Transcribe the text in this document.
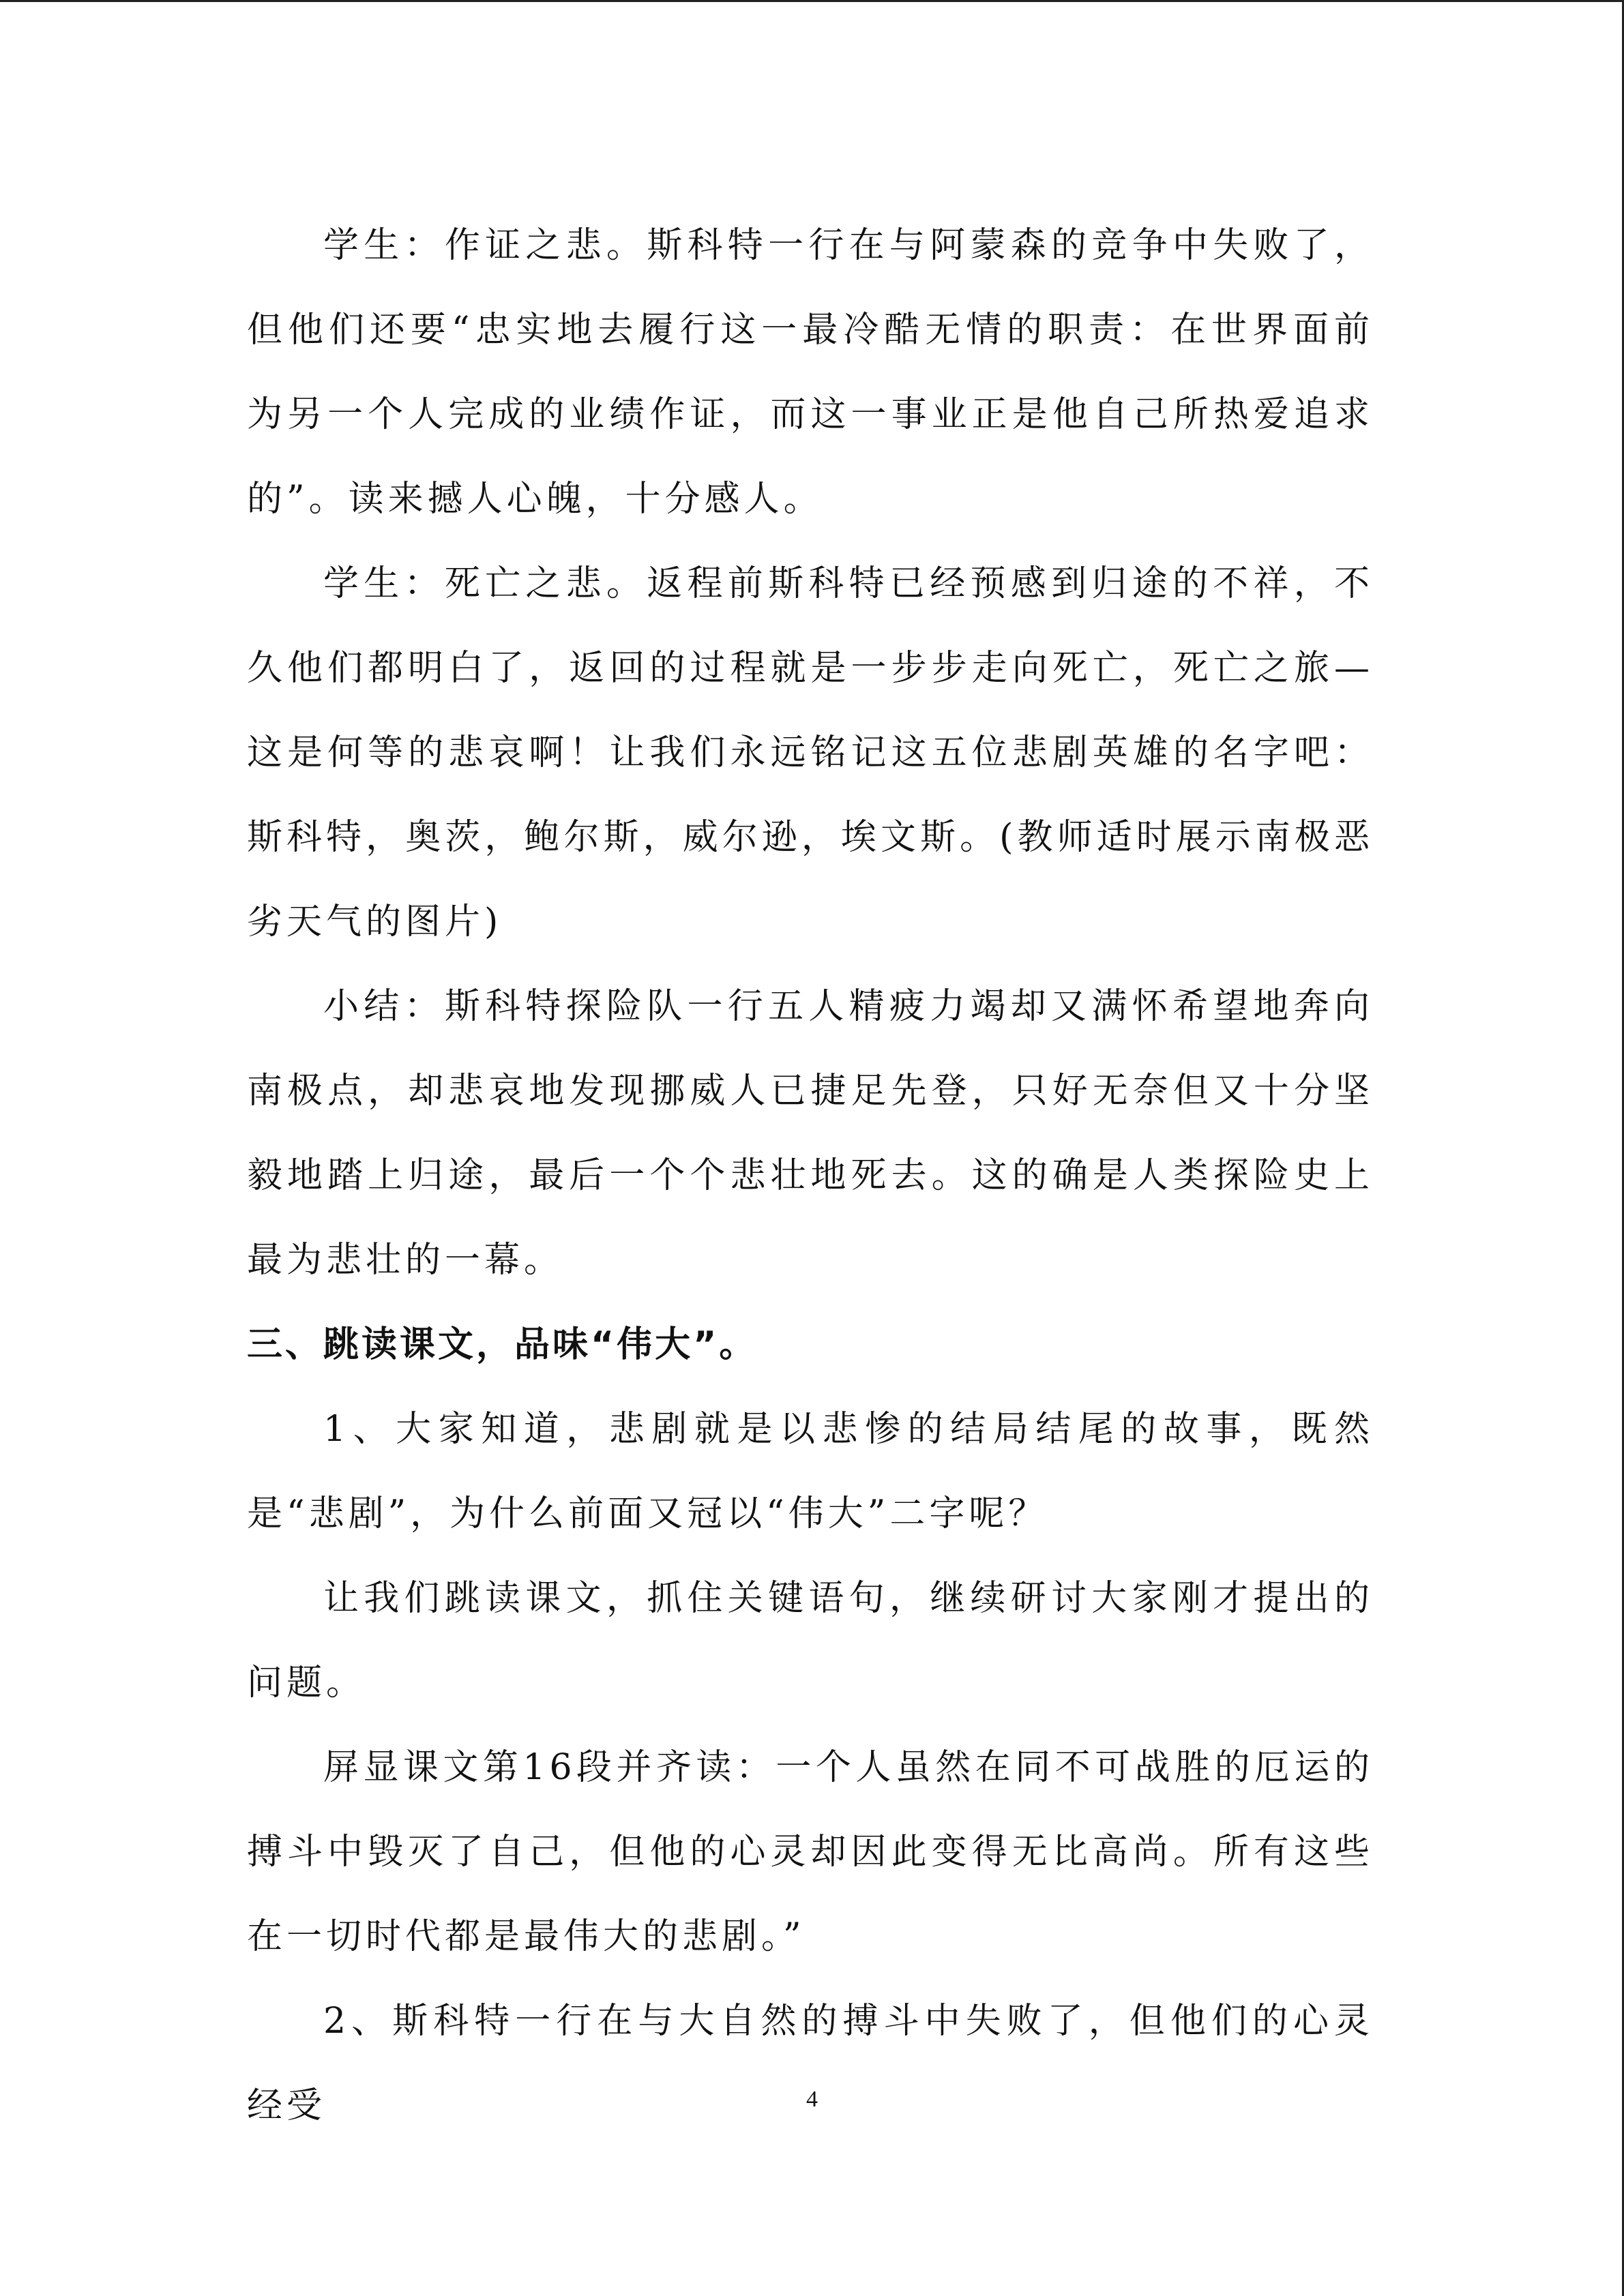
学生：作证之悲。斯科特一行在与阿蒙森的竞争中失败了，但他们还要“忠实地去履行这一最冷酷无情的职责：在世界面前为另一个人完成的业绩作证，而这一事业正是他自己所热爱追求的”。读来撼人心魄，十分感人。

学生：死亡之悲。返程前斯科特已经预感到归途的不祥，不久他们都明白了，返回的过程就是一步步走向死亡，死亡之旅—这是何等的悲哀啊！让我们永远铭记这五位悲剧英雄的名字吧：斯科特，奥茨，鲍尔斯，威尔逊，埃文斯。(教师适时展示南极恶劣天气的图片)

小结：斯科特探险队一行五人精疲力竭却又满怀希望地奔向南极点，却悲哀地发现挪威人已捷足先登，只好无奈但又十分坚毅地踏上归途，最后一个个悲壮地死去。这的确是人类探险史上最为悲壮的一幕。

三、跳读课文，品味“伟大”。

1、大家知道，悲剧就是以悲惨的结局结尾的故事，既然是“悲剧”，为什么前面又冠以“伟大”二字呢？

让我们跳读课文，抓住关键语句，继续研讨大家刚才提出的问题。

屏显课文第16段并齐读：一个人虽然在同不可战胜的厄运的搏斗中毁灭了自己，但他的心灵却因此变得无比高尚。所有这些在一切时代都是最伟大的悲剧。”

2、斯科特一行在与大自然的搏斗中失败了，但他们的心灵经受	4
